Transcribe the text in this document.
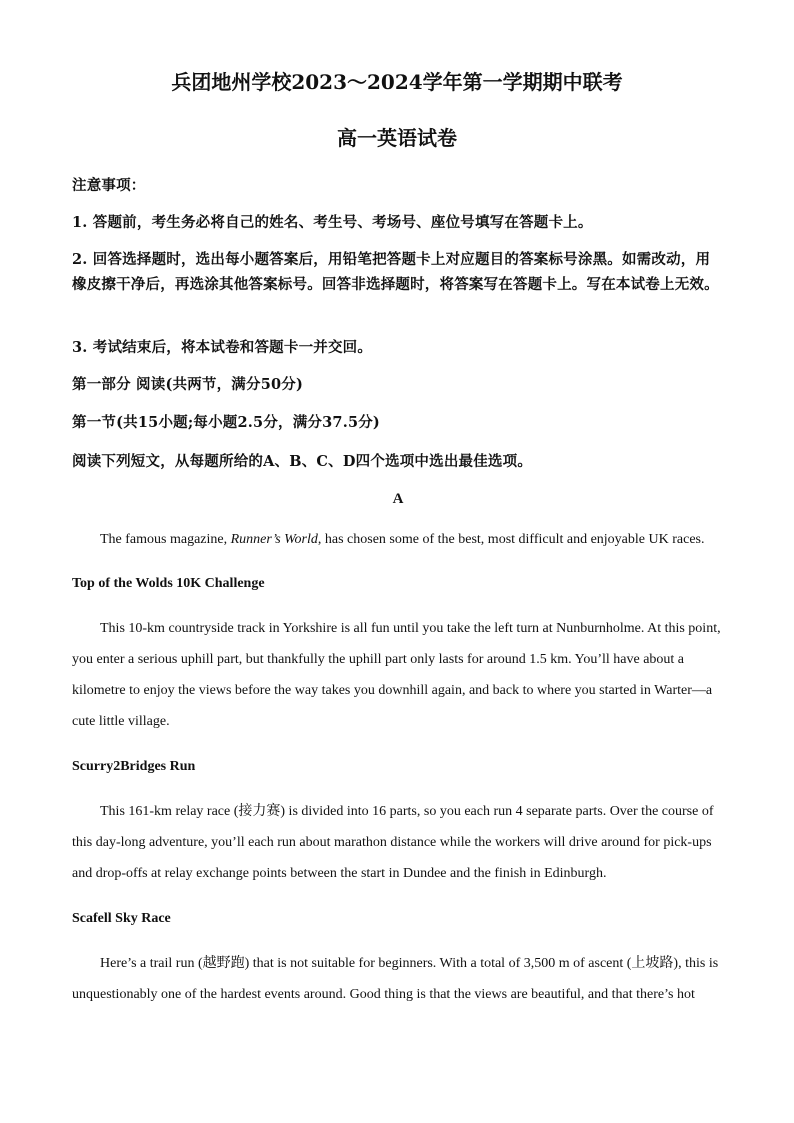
兵团地州学校2023～2024学年第一学期期中联考
高一英语试卷
注意事项：
1. 答题前，考生务必将自己的姓名、考生号、考场号、座位号填写在答题卡上。
2. 回答选择题时，选出每小题答案后，用铅笔把答题卡上对应题目的答案标号涂黑。如需改动，用橡皮擦干净后，再选涂其他答案标号。回答非选择题时，将答案写在答题卡上。写在本试卷上无效。
3. 考试结束后，将本试卷和答题卡一并交回。
第一部分 阅读(共两节，满分50分)
第一节(共15小题;每小题2.5分，满分37.5分)
阅读下列短文，从每题所给的A、B、C、D四个选项中选出最佳选项。
A
The famous magazine, Runner’s World, has chosen some of the best, most difficult and enjoyable UK races.
Top of the Wolds 10K Challenge
This 10-km countryside track in Yorkshire is all fun until you take the left turn at Nunburnholme. At this point, you enter a serious uphill part, but thankfully the uphill part only lasts for around 1.5 km. You’ll have about a kilometre to enjoy the views before the way takes you downhill again, and back to where you started in Warter—a cute little village.
Scurry2Bridges Run
This 161-km relay race (接力赛) is divided into 16 parts, so you each run 4 separate parts. Over the course of this day-long adventure, you’ll each run about marathon distance while the workers will drive around for pick-ups and drop-offs at relay exchange points between the start in Dundee and the finish in Edinburgh.
Scafell Sky Race
Here’s a trail run (越野跑) that is not suitable for beginners. With a total of 3,500 m of ascent (上坡路), this is unquestionably one of the hardest events around. Good thing is that the views are beautiful, and that there’s hot
